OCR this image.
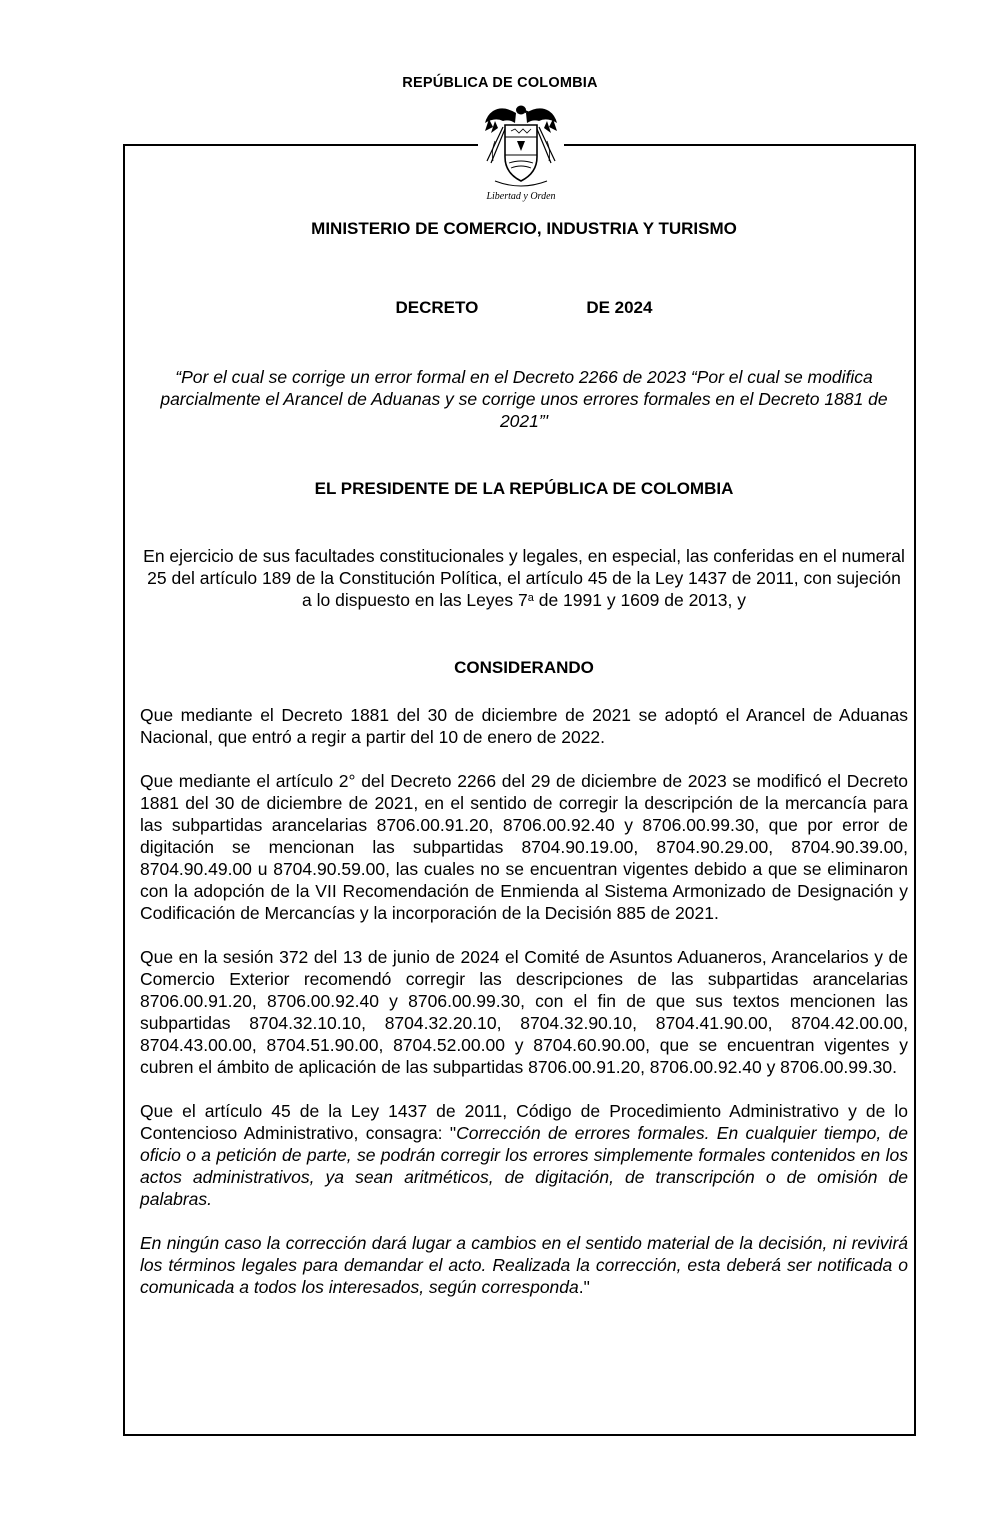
REPÚBLICA DE COLOMBIA
Libertad y Orden
MINISTERIO DE COMERCIO, INDUSTRIA Y TURISMO
DECRETO	DE 2024
“Por el cual se corrige un error formal en el Decreto 2266 de 2023 “Por el cual se modifica parcialmente el Arancel de Aduanas y se corrige unos errores formales en el Decreto 1881 de 2021”'
EL PRESIDENTE DE LA REPÚBLICA DE COLOMBIA
En ejercicio de sus facultades constitucionales y legales, en especial, las conferidas en el numeral 25 del artículo 189 de la Constitución Política, el artículo 45 de la Ley 1437 de 2011, con sujeción a lo dispuesto en las Leyes 7$^a$ de 1991 y 1609 de 2013, y
CONSIDERANDO

Que mediante el Decreto 1881 del 30 de diciembre de 2021 se adoptó el Arancel de Aduanas Nacional, que entró a regir a partir del 10 de enero de 2022.

Que mediante el artículo 2° del Decreto 2266 del 29 de diciembre de 2023 se modificó el Decreto 1881 del 30 de diciembre de 2021, en el sentido de corregir la descripción de la mercancía para las subpartidas arancelarias 8706.00.91.20, 8706.00.92.40 y 8706.00.99.30, que por error de digitación se mencionan las subpartidas 8704.90.19.00, 8704.90.29.00, 8704.90.39.00, 8704.90.49.00 u 8704.90.59.00, las cuales no se encuentran vigentes debido a que se eliminaron con la adopción de la VII Recomendación de Enmienda al Sistema Armonizado de Designación y Codificación de Mercancías y la incorporación de la Decisión 885 de 2021.

Que en la sesión 372 del 13 de junio de 2024 el Comité de Asuntos Aduaneros, Arancelarios y de Comercio Exterior recomendó corregir las descripciones de las subpartidas arancelarias 8706.00.91.20, 8706.00.92.40 y 8706.00.99.30, con el fin de que sus textos mencionen las subpartidas 8704.32.10.10, 8704.32.20.10, 8704.32.90.10, 8704.41.90.00, 8704.42.00.00, 8704.43.00.00, 8704.51.90.00, 8704.52.00.00 y 8704.60.90.00, que se encuentran vigentes y cubren el ámbito de aplicación de las subpartidas 8706.00.91.20, 8706.00.92.40 y 8706.00.99.30.

Que el artículo 45 de la Ley 1437 de 2011, Código de Procedimiento Administrativo y de lo Contencioso Administrativo, consagra: "Corrección de errores formales. En cualquier tiempo, de oficio o a petición de parte, se podrán corregir los errores simplemente formales contenidos en los actos administrativos, ya sean aritméticos, de digitación, de transcripción o de omisión de palabras.

En ningún caso la corrección dará lugar a cambios en el sentido material de la decisión, ni revivirá los términos legales para demandar el acto. Realizada la corrección, esta deberá ser notificada o comunicada a todos los interesados, según corresponda."
